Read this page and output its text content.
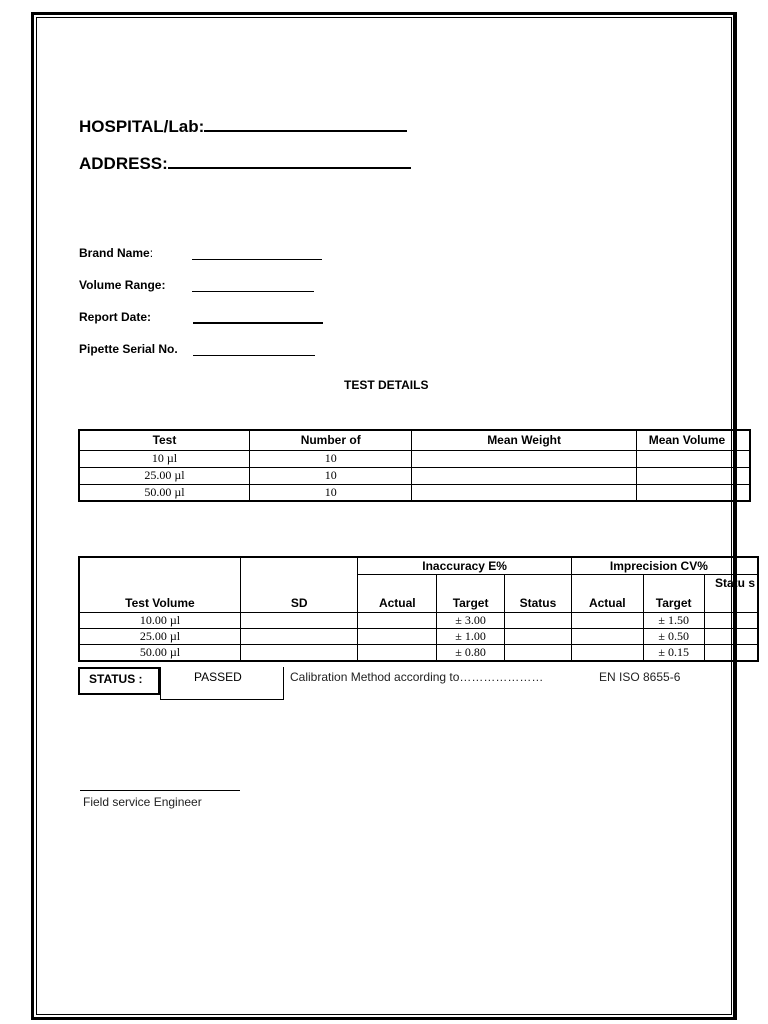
HOSPITAL/Lab:
ADDRESS:
Brand Name:
Volume Range:
Report Date:
Pipette Serial No.
TEST DETAILS
Test	Number of	Mean Weight	Mean Volume
10 µl	10		
25.00 µl	10		
50.00 µl	10		
Test Volume	SD	Inaccuracy E%			Imprecision CV%		
		Actual	Target	Status	Actual	Target	Statu s
10.00 µl			± 3.00			± 1.50	
25.00 µl			± 1.00			± 0.50	
50.00 µl			± 0.80			± 0.15	
STATUS :	PASSED	Calibration Method according to…………………	EN ISO 8655-6
Field service Engineer
